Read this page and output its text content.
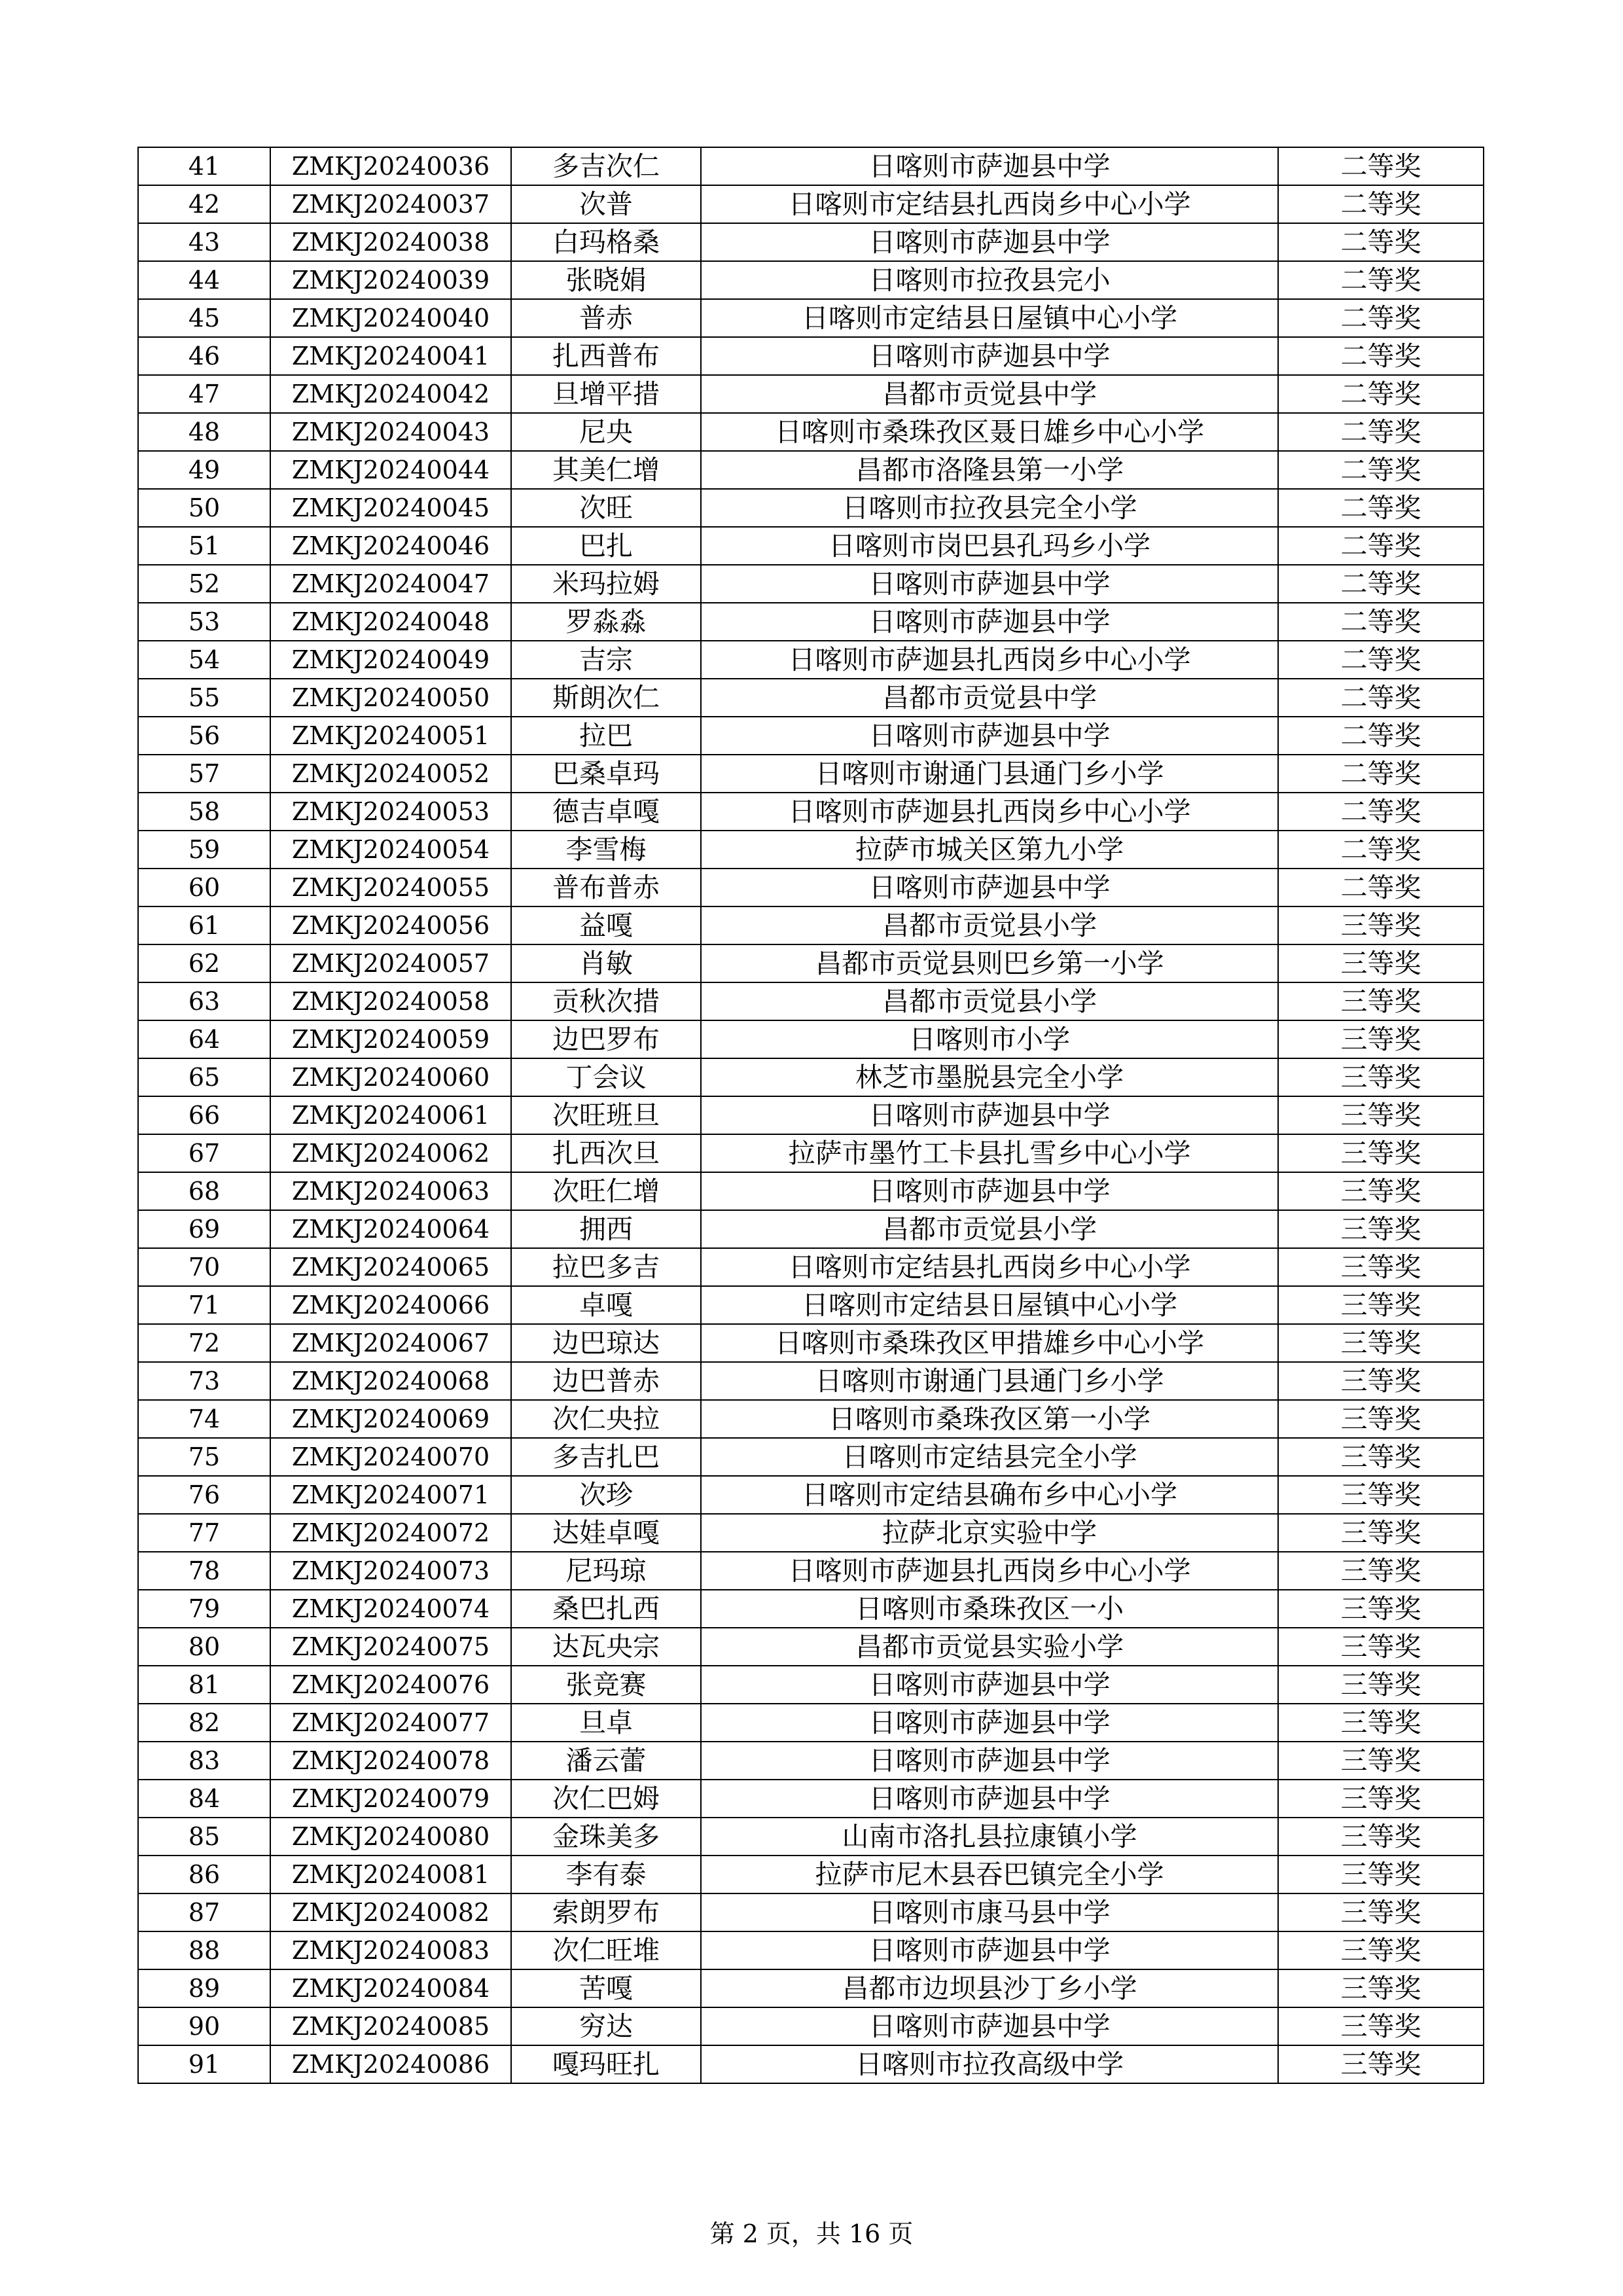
41	ZMKJ20240036	多吉次仁	日喀则市萨迦县中学	二等奖
42	ZMKJ20240037	次普	日喀则市定结县扎西岗乡中心小学	二等奖
43	ZMKJ20240038	白玛格桑	日喀则市萨迦县中学	二等奖
44	ZMKJ20240039	张晓娟	日喀则市拉孜县完小	二等奖
45	ZMKJ20240040	普赤	日喀则市定结县日屋镇中心小学	二等奖
46	ZMKJ20240041	扎西普布	日喀则市萨迦县中学	二等奖
47	ZMKJ20240042	旦增平措	昌都市贡觉县中学	二等奖
48	ZMKJ20240043	尼央	日喀则市桑珠孜区聂日雄乡中心小学	二等奖
49	ZMKJ20240044	其美仁增	昌都市洛隆县第一小学	二等奖
50	ZMKJ20240045	次旺	日喀则市拉孜县完全小学	二等奖
51	ZMKJ20240046	巴扎	日喀则市岗巴县孔玛乡小学	二等奖
52	ZMKJ20240047	米玛拉姆	日喀则市萨迦县中学	二等奖
53	ZMKJ20240048	罗淼淼	日喀则市萨迦县中学	二等奖
54	ZMKJ20240049	吉宗	日喀则市萨迦县扎西岗乡中心小学	二等奖
55	ZMKJ20240050	斯朗次仁	昌都市贡觉县中学	二等奖
56	ZMKJ20240051	拉巴	日喀则市萨迦县中学	二等奖
57	ZMKJ20240052	巴桑卓玛	日喀则市谢通门县通门乡小学	二等奖
58	ZMKJ20240053	德吉卓嘎	日喀则市萨迦县扎西岗乡中心小学	二等奖
59	ZMKJ20240054	李雪梅	拉萨市城关区第九小学	二等奖
60	ZMKJ20240055	普布普赤	日喀则市萨迦县中学	二等奖
61	ZMKJ20240056	益嘎	昌都市贡觉县小学	三等奖
62	ZMKJ20240057	肖敏	昌都市贡觉县则巴乡第一小学	三等奖
63	ZMKJ20240058	贡秋次措	昌都市贡觉县小学	三等奖
64	ZMKJ20240059	边巴罗布	日喀则市小学	三等奖
65	ZMKJ20240060	丁会议	林芝市墨脱县完全小学	三等奖
66	ZMKJ20240061	次旺班旦	日喀则市萨迦县中学	三等奖
67	ZMKJ20240062	扎西次旦	拉萨市墨竹工卡县扎雪乡中心小学	三等奖
68	ZMKJ20240063	次旺仁增	日喀则市萨迦县中学	三等奖
69	ZMKJ20240064	拥西	昌都市贡觉县小学	三等奖
70	ZMKJ20240065	拉巴多吉	日喀则市定结县扎西岗乡中心小学	三等奖
71	ZMKJ20240066	卓嘎	日喀则市定结县日屋镇中心小学	三等奖
72	ZMKJ20240067	边巴琼达	日喀则市桑珠孜区甲措雄乡中心小学	三等奖
73	ZMKJ20240068	边巴普赤	日喀则市谢通门县通门乡小学	三等奖
74	ZMKJ20240069	次仁央拉	日喀则市桑珠孜区第一小学	三等奖
75	ZMKJ20240070	多吉扎巴	日喀则市定结县完全小学	三等奖
76	ZMKJ20240071	次珍	日喀则市定结县确布乡中心小学	三等奖
77	ZMKJ20240072	达娃卓嘎	拉萨北京实验中学	三等奖
78	ZMKJ20240073	尼玛琼	日喀则市萨迦县扎西岗乡中心小学	三等奖
79	ZMKJ20240074	桑巴扎西	日喀则市桑珠孜区一小	三等奖
80	ZMKJ20240075	达瓦央宗	昌都市贡觉县实验小学	三等奖
81	ZMKJ20240076	张竞赛	日喀则市萨迦县中学	三等奖
82	ZMKJ20240077	旦卓	日喀则市萨迦县中学	三等奖
83	ZMKJ20240078	潘云蕾	日喀则市萨迦县中学	三等奖
84	ZMKJ20240079	次仁巴姆	日喀则市萨迦县中学	三等奖
85	ZMKJ20240080	金珠美多	山南市洛扎县拉康镇小学	三等奖
86	ZMKJ20240081	李有泰	拉萨市尼木县吞巴镇完全小学	三等奖
87	ZMKJ20240082	索朗罗布	日喀则市康马县中学	三等奖
88	ZMKJ20240083	次仁旺堆	日喀则市萨迦县中学	三等奖
89	ZMKJ20240084	苦嘎	昌都市边坝县沙丁乡小学	三等奖
90	ZMKJ20240085	穷达	日喀则市萨迦县中学	三等奖
91	ZMKJ20240086	嘎玛旺扎	日喀则市拉孜高级中学	三等奖
第 2 页，共 16 页
